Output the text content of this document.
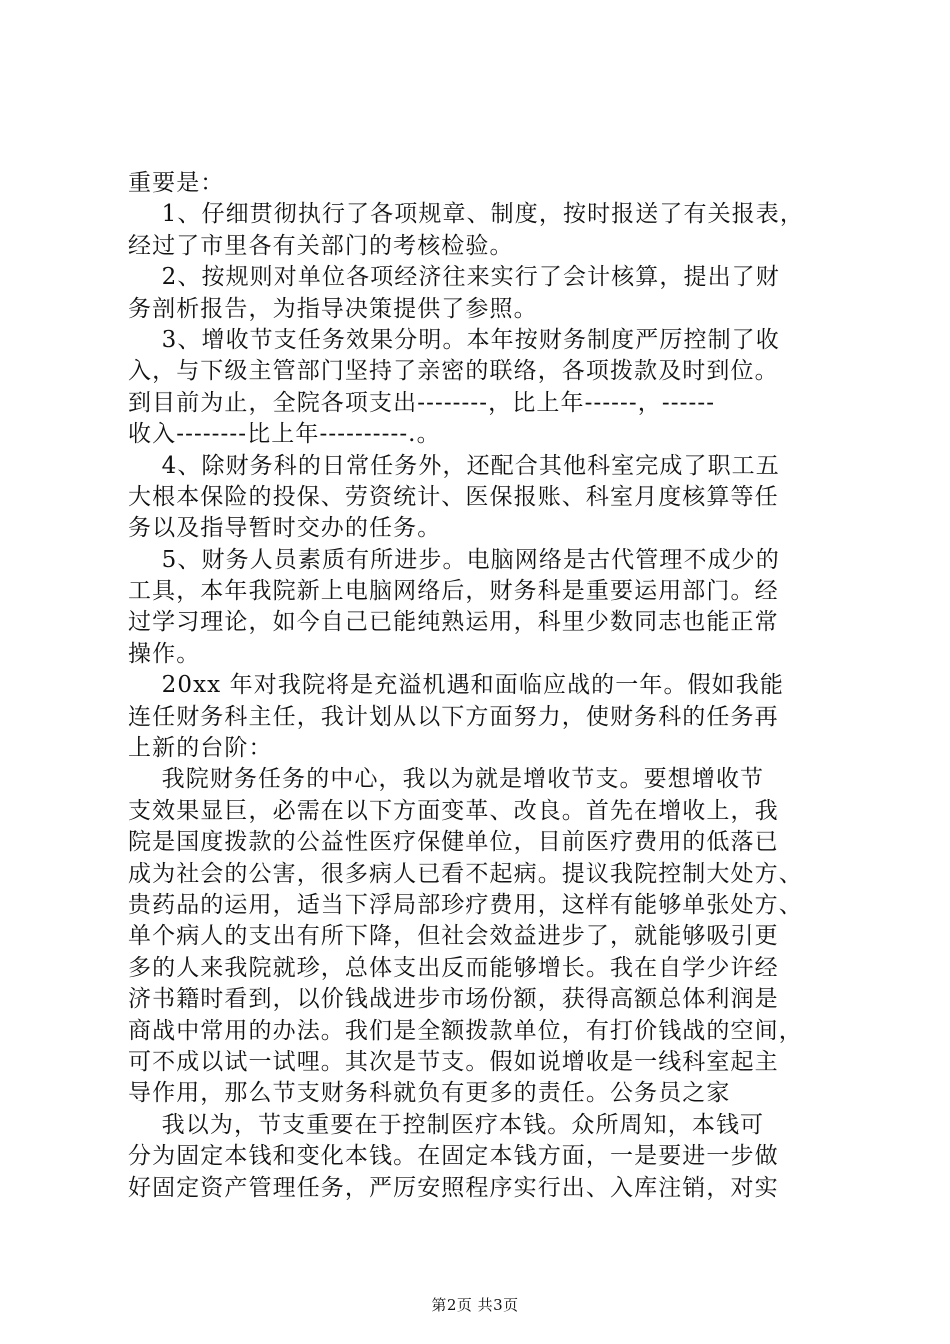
重要是：
1、仔细贯彻执行了各项规章、制度，按时报送了有关报表，
经过了市里各有关部门的考核检验。
2、按规则对单位各项经济往来实行了会计核算，提出了财
务剖析报告，为指导决策提供了参照。
3、增收节支任务效果分明。本年按财务制度严厉控制了收
入，与下级主管部门坚持了亲密的联络，各项拨款及时到位。
到目前为止，全院各项支出--------，比上年------，------
收入--------比上年----------.。
4、除财务科的日常任务外，还配合其他科室完成了职工五
大根本保险的投保、劳资统计、医保报账、科室月度核算等任
务以及指导暂时交办的任务。
5、财务人员素质有所进步。电脑网络是古代管理不成少的
工具，本年我院新上电脑网络后，财务科是重要运用部门。经
过学习理论，如今自己已能纯熟运用，科里少数同志也能正常
操作。
20xx 年对我院将是充溢机遇和面临应战的一年。假如我能
连任财务科主任，我计划从以下方面努力，使财务科的任务再
上新的台阶：
我院财务任务的中心，我以为就是增收节支。要想增收节
支效果显巨，必需在以下方面变革、改良。首先在增收上，我
院是国度拨款的公益性医疗保健单位，目前医疗费用的低落已
成为社会的公害，很多病人已看不起病。提议我院控制大处方、
贵药品的运用，适当下浮局部珍疗费用，这样有能够单张处方、
单个病人的支出有所下降，但社会效益进步了，就能够吸引更
多的人来我院就珍，总体支出反而能够增长。我在自学少许经
济书籍时看到，以价钱战进步市场份额，获得高额总体利润是
商战中常用的办法。我们是全额拨款单位，有打价钱战的空间，
可不成以试一试哩。其次是节支。假如说增收是一线科室起主
导作用，那么节支财务科就负有更多的责任。公务员之家
我以为，节支重要在于控制医疗本钱。众所周知，本钱可
分为固定本钱和变化本钱。在固定本钱方面，一是要进一步做
好固定资产管理任务，严厉安照程序实行出、入库注销，对实
第2页 共3页
